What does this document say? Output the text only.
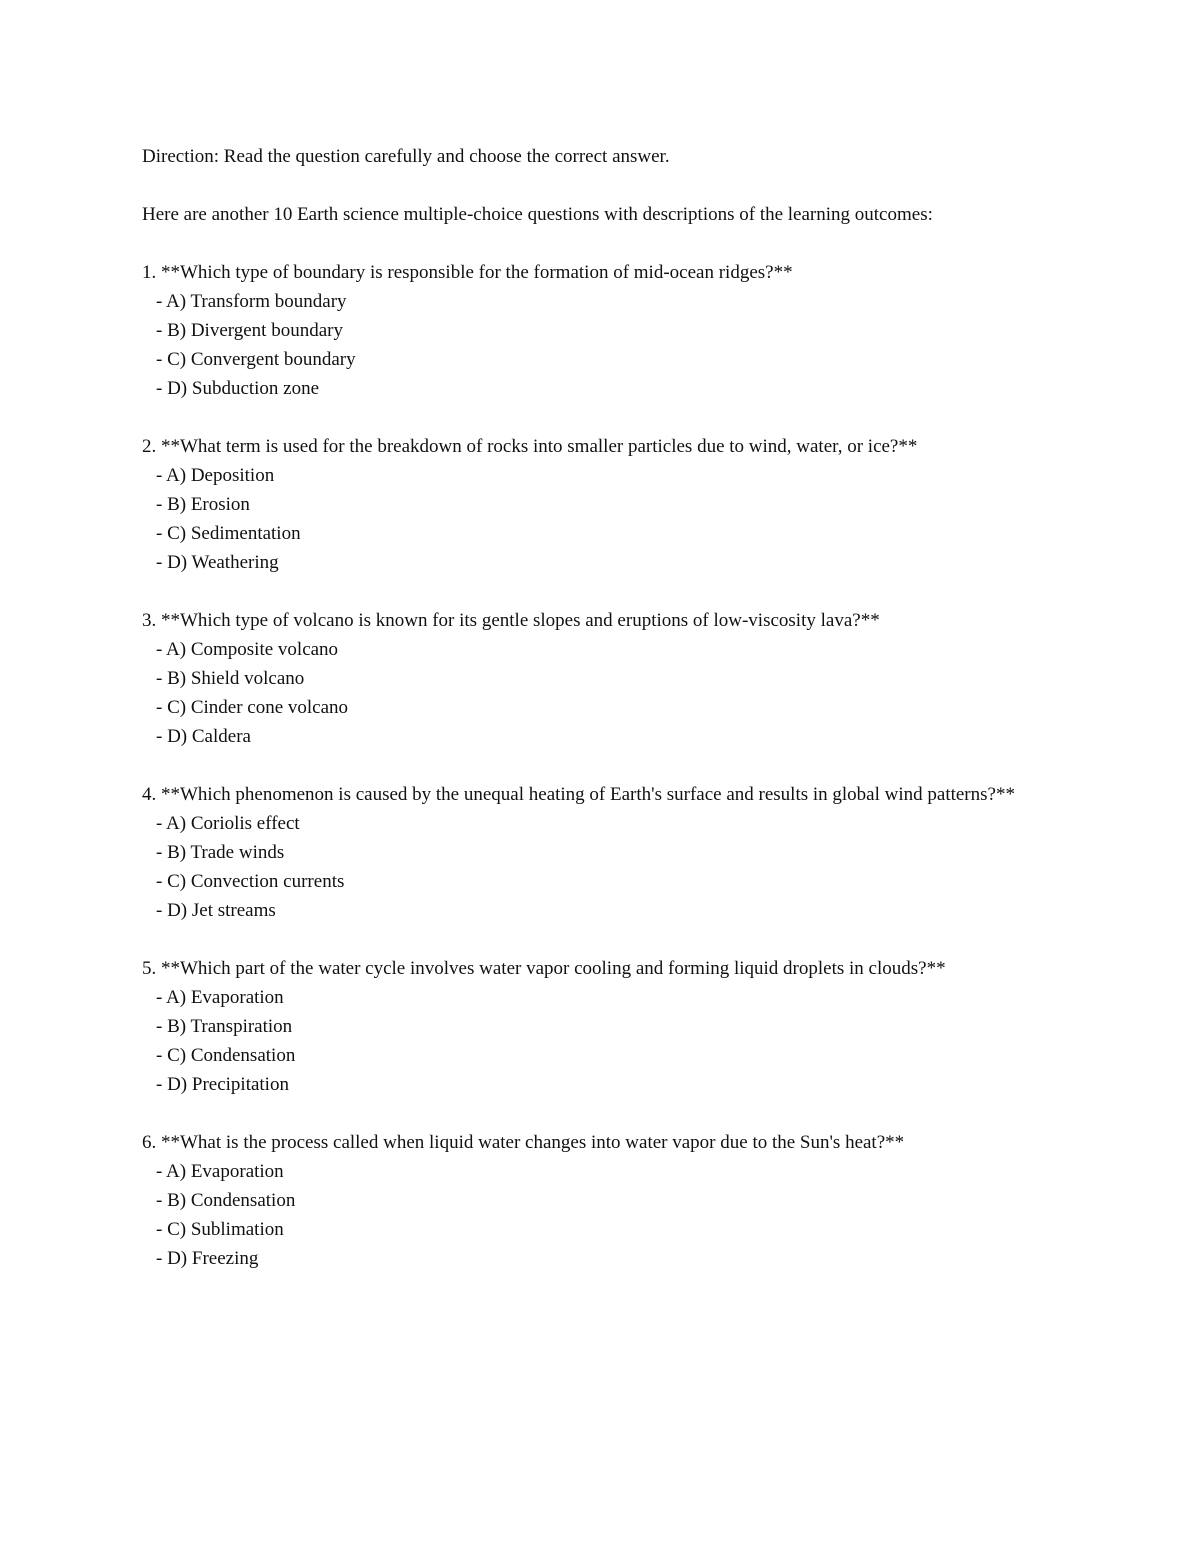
Direction: Read the question carefully and choose the correct answer.

Here are another 10 Earth science multiple-choice questions with descriptions of the learning outcomes:

1. **Which type of boundary is responsible for the formation of mid-ocean ridges?**

- A) Transform boundary
- B) Divergent boundary
- C) Convergent boundary
- D) Subduction zone

2. **What term is used for the breakdown of rocks into smaller particles due to wind, water, or ice?**

- A) Deposition
- B) Erosion
- C) Sedimentation
- D) Weathering

3. **Which type of volcano is known for its gentle slopes and eruptions of low-viscosity lava?**

- A) Composite volcano
- B) Shield volcano
- C) Cinder cone volcano
- D) Caldera

4. **Which phenomenon is caused by the unequal heating of Earth's surface and results in global wind patterns?**

- A) Coriolis effect
- B) Trade winds
- C) Convection currents
- D) Jet streams

5. **Which part of the water cycle involves water vapor cooling and forming liquid droplets in clouds?**

- A) Evaporation
- B) Transpiration
- C) Condensation
- D) Precipitation

6. **What is the process called when liquid water changes into water vapor due to the Sun's heat?**

- A) Evaporation
- B) Condensation
- C) Sublimation
- D) Freezing
